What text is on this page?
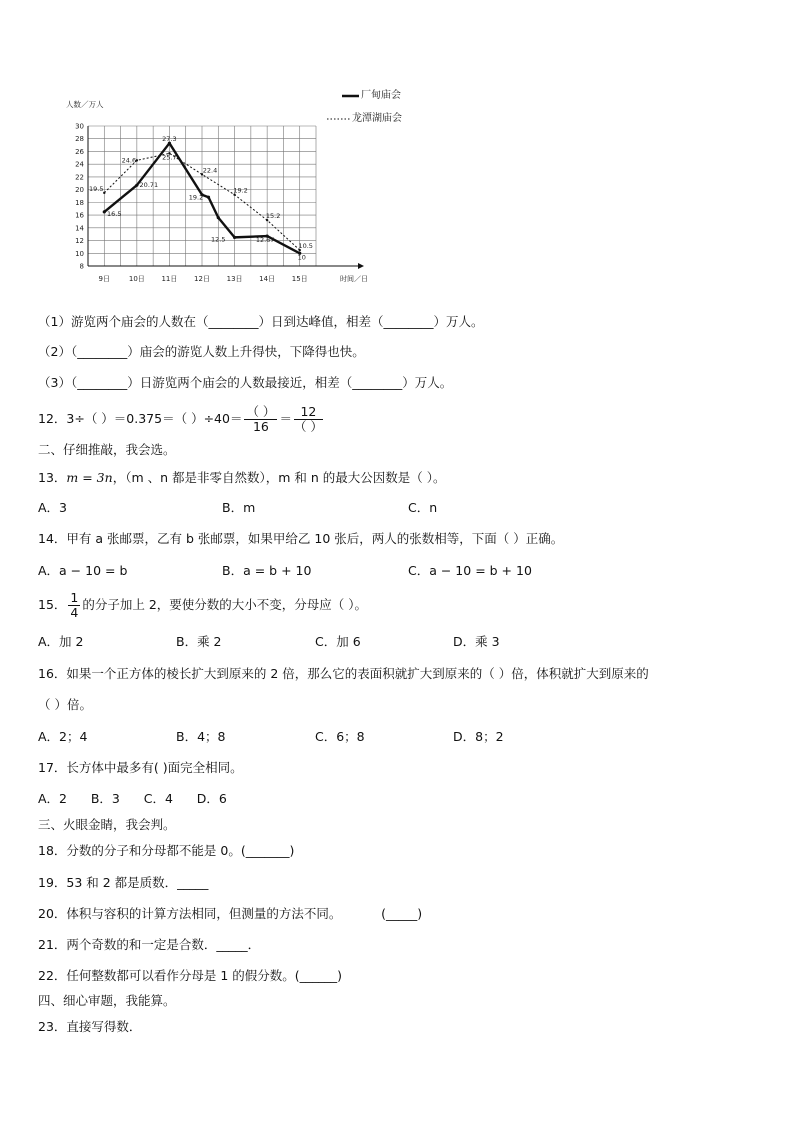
8
10
12
14
16
18
20
22
24
26
28
30
9日	10日 11日 12日 13日 14日 15日
人数／万人
时间／日
19.5
16.5
24.6
20.71
27.3
25.7
22.4
19.2
19.2
12.5	12.67
15.2
10.5
10
厂甸庙会
龙潭湖庙会
（1）游览两个庙会的人数在（________）日到达峰值，相差（________）万人。
（2）（________）庙会的游览人数上升得快，下降得也快。
（3）（________）日游览两个庙会的人数最接近，相差（________）万人。
12．3÷（ ）＝0.375＝（ ）$\div 40= \frac{( )}{16} = \frac{12}{( )}$
二、仔细推敲，我会选。
13．m = 3n，（m 、n 都是非零自然数），m 和 n 的最大公因数是（ ）。
A．3	B．m	C．n
14．甲有 a 张邮票，乙有 b 张邮票，如果甲给乙 10 张后，两人的张数相等，下面（ ）正确。
A．a − 10 = b	B．a = b + 10	C．a − 10 = b + 10
15． $\frac{1}{4}$ 的分子加上 2，要使分数的大小不变，分母应（ ）。
A．加 2	B．乘 2	C．加 6	D．乘 3
16．如果一个正方体的棱长扩大到原来的 2 倍，那么它的表面积就扩大到原来的（ ）倍，体积就扩大到原来的
（ ）倍。
A．2；4	B．4；8	C．6；8	D．8；2
17．长方体中最多有( )面完全相同。
A．2      B．3      C．4      D．6
三、火眼金睛，我会判。
18．分数的分子和分母都不能是 0。(_______)
19．53 和 2 都是质数．_____
20．体积与容积的计算方法相同，但测量的方法不同。          (_____)
21．两个奇数的和一定是合数．_____．
22．任何整数都可以看作分母是 1 的假分数。(______)
四、细心审题，我能算。
23．直接写得数．
